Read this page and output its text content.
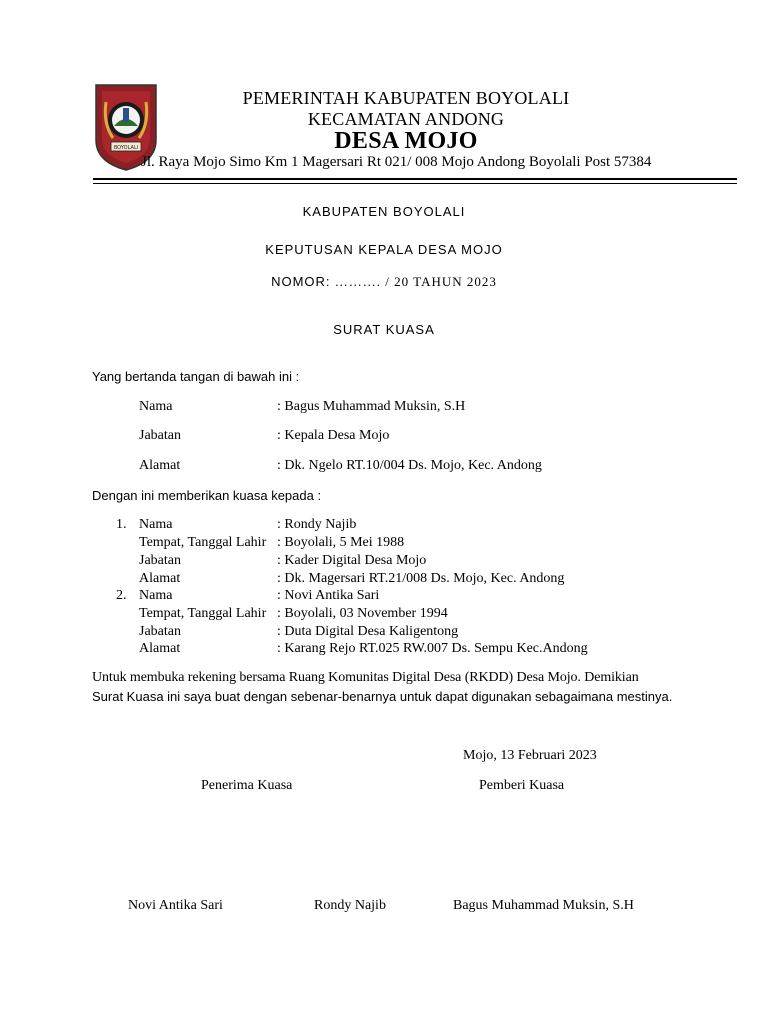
BOYOLALI
PEMERINTAH KABUPATEN BOYOLALI
KECAMATAN ANDONG
DESA MOJO
Jl. Raya Mojo Simo Km 1 Magersari Rt 021/ 008 Mojo Andong Boyolali Post 57384
KABUPATEN BOYOLALI
KEPUTUSAN KEPALA DESA MOJO
NOMOR: ………. / 20 TAHUN 2023
SURAT KUASA
Yang bertanda tangan di bawah ini :
Nama	: Bagus Muhammad Muksin, S.H
Jabatan	: Kepala Desa Mojo
Alamat	: Dk. Ngelo RT.10/004 Ds. Mojo, Kec. Andong
Dengan ini memberikan kuasa kepada :
1. Nama	: Rondy Najib
Tempat, Tanggal Lahir : Boyolali, 5 Mei 1988
Jabatan	: Kader Digital Desa Mojo
Alamat	: Dk. Magersari RT.21/008 Ds. Mojo, Kec. Andong
2. Nama	: Novi Antika Sari
Tempat, Tanggal Lahir : Boyolali, 03 November 1994
Jabatan	: Duta Digital Desa Kaligentong
Alamat	: Karang Rejo RT.025 RW.007 Ds. Sempu Kec.Andong
Untuk membuka rekening bersama Ruang Komunitas Digital Desa (RKDD) Desa Mojo. Demikian
Surat Kuasa ini saya buat dengan sebenar-benarnya untuk dapat digunakan sebagaimana mestinya.
Mojo, 13 Februari 2023
Penerima Kuasa	Pemberi Kuasa
Novi Antika Sari	Rondy Najib	Bagus Muhammad Muksin, S.H
